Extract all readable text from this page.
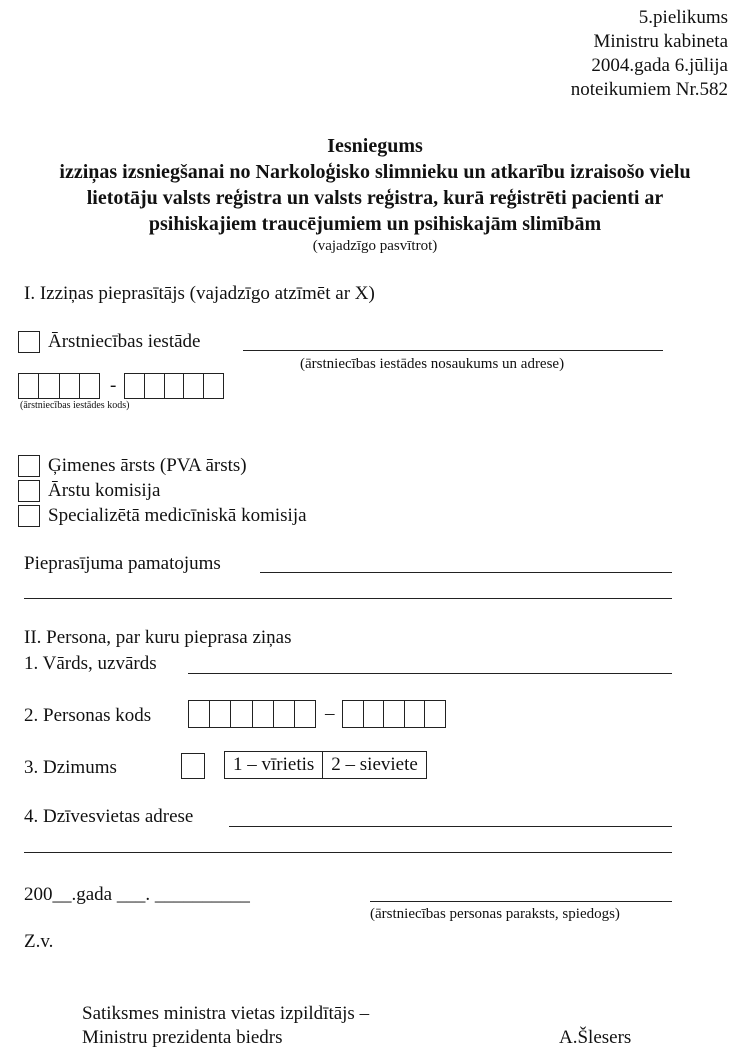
5.pielikums
Ministru kabineta
2004.gada 6.jūlija
noteikumiem Nr.582
Iesniegums
izziņas izsniegšanai no Narkoloģisko slimnieku un atkarību izraisošo vielu
lietotāju valsts reģistra un valsts reģistra, kurā reģistrēti pacienti ar
psihiskajiem traucējumiem un psihiskajām slimībām
(vajadzīgo pasvītrot)
I. Izziņas pieprasītājs (vajadzīgo atzīmēt ar X)
Ārstniecības iestāde
(ārstniecības iestādes nosaukums un adrese)
-
(ārstniecības iestādes kods)
Ģimenes ārsts (PVA ārsts)
Ārstu komisija
Specializētā medicīniskā komisija
Pieprasījuma pamatojums
II. Persona, par kuru pieprasa ziņas
1. Vārds, uzvārds
2. Personas kods	–
3. Dzimums	1 – vīrietis 2 – sieviete
4. Dzīvesvietas adrese
200__.gada ___. __________
(ārstniecības personas paraksts, spiedogs)
Z.v.
Satiksmes ministra vietas izpildītājs –
Ministru prezidenta biedrs	A.Šlesers
